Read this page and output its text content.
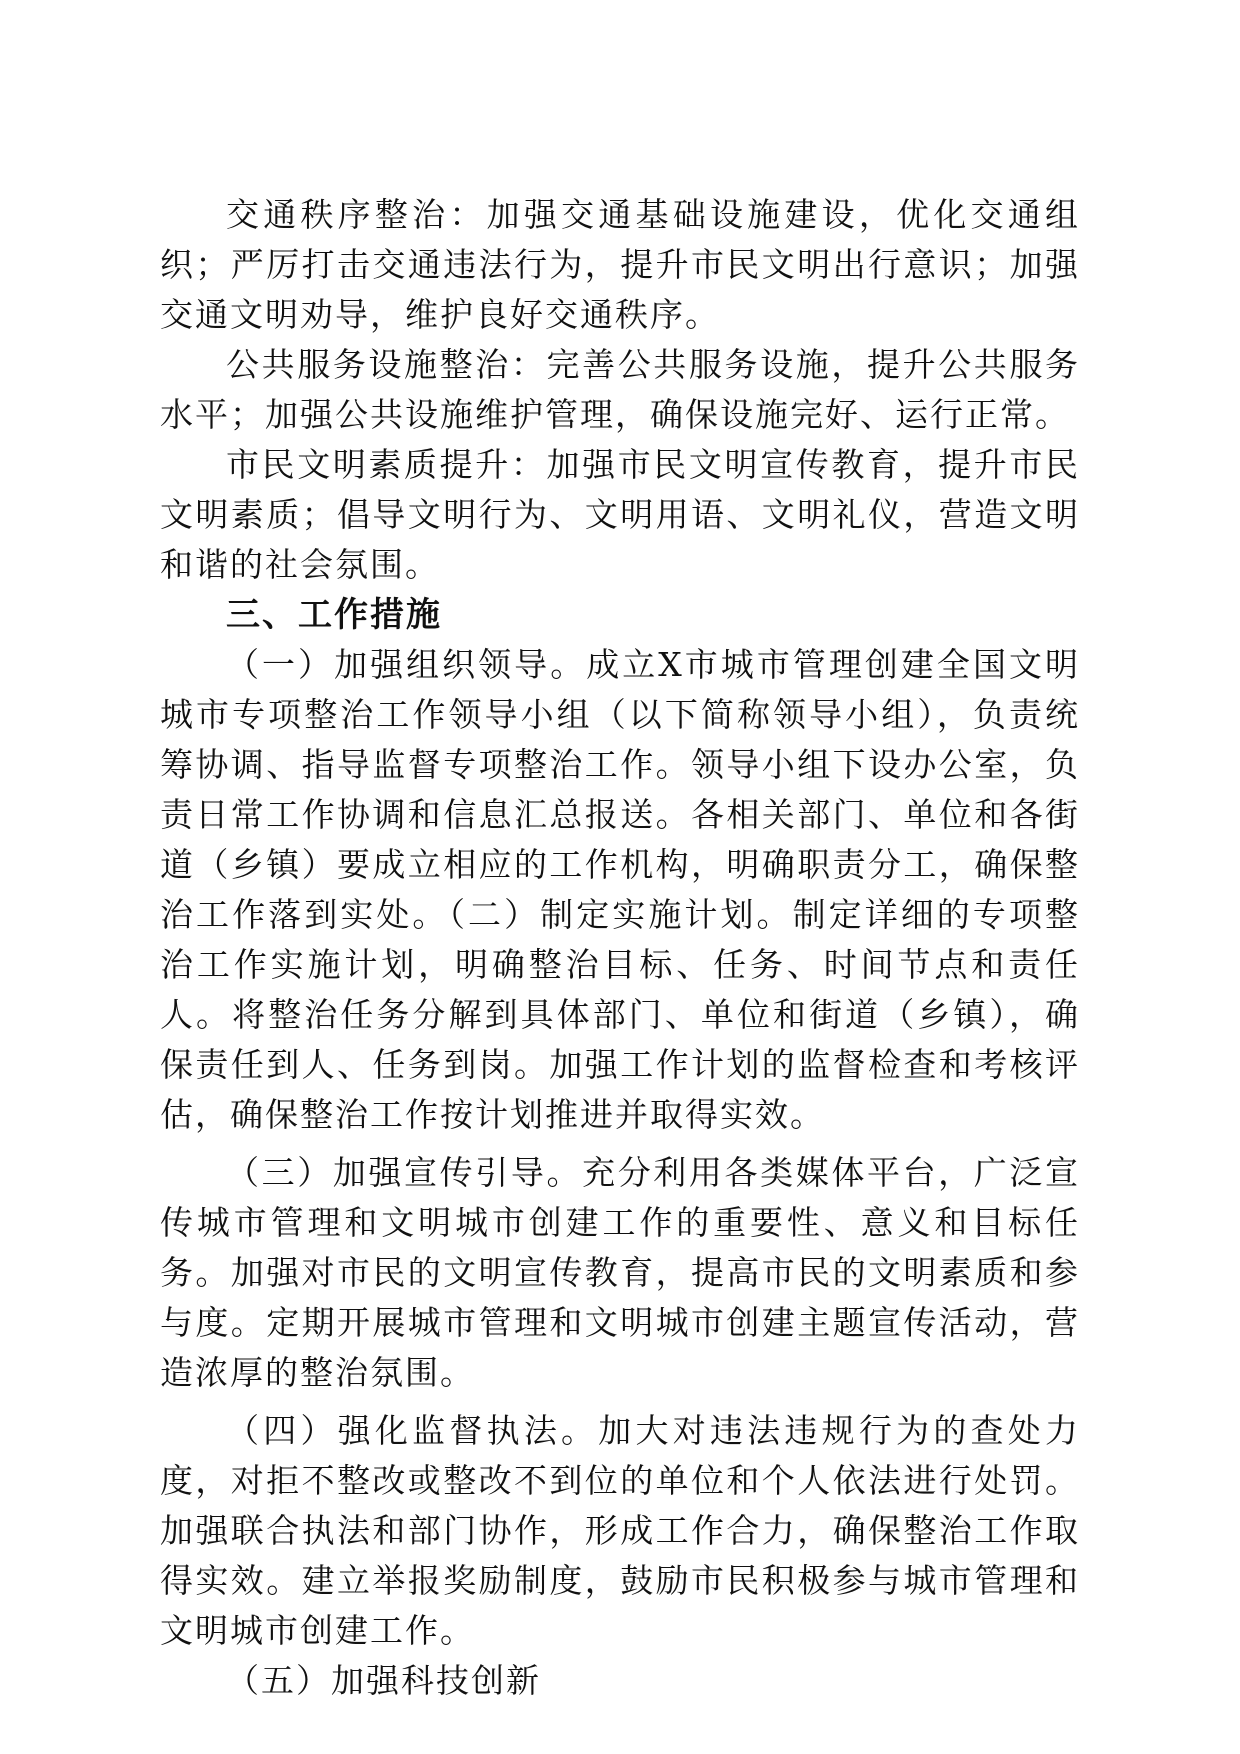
交通秩序整治：加强交通基础设施建设，优化交通组织；严厉打击交通违法行为，提升市民文明出行意识；加强交通文明劝导，维护良好交通秩序。

公共服务设施整治：完善公共服务设施，提升公共服务水平；加强公共设施维护管理，确保设施完好、运行正常。

市民文明素质提升：加强市民文明宣传教育，提升市民文明素质；倡导文明行为、文明用语、文明礼仪，营造文明和谐的社会氛围。

三、工作措施

（一）加强组织领导。成立X市城市管理创建全国文明城市专项整治工作领导小组（以下简称领导小组），负责统筹协调、指导监督专项整治工作。领导小组下设办公室，负责日常工作协调和信息汇总报送。各相关部门、单位和各街道（乡镇）要成立相应的工作机构，明确职责分工，确保整治工作落到实处。（二）制定实施计划。制定详细的专项整治工作实施计划，明确整治目标、任务、时间节点和责任人。将整治任务分解到具体部门、单位和街道（乡镇），确保责任到人、任务到岗。加强工作计划的监督检查和考核评估，确保整治工作按计划推进并取得实效。

（三）加强宣传引导。充分利用各类媒体平台，广泛宣传城市管理和文明城市创建工作的重要性、意义和目标任务。加强对市民的文明宣传教育，提高市民的文明素质和参与度。定期开展城市管理和文明城市创建主题宣传活动，营造浓厚的整治氛围。

（四）强化监督执法。加大对违法违规行为的查处力度，对拒不整改或整改不到位的单位和个人依法进行处罚。加强联合执法和部门协作，形成工作合力，确保整治工作取得实效。建立举报奖励制度，鼓励市民积极参与城市管理和文明城市创建工作。

（五）加强科技创新
